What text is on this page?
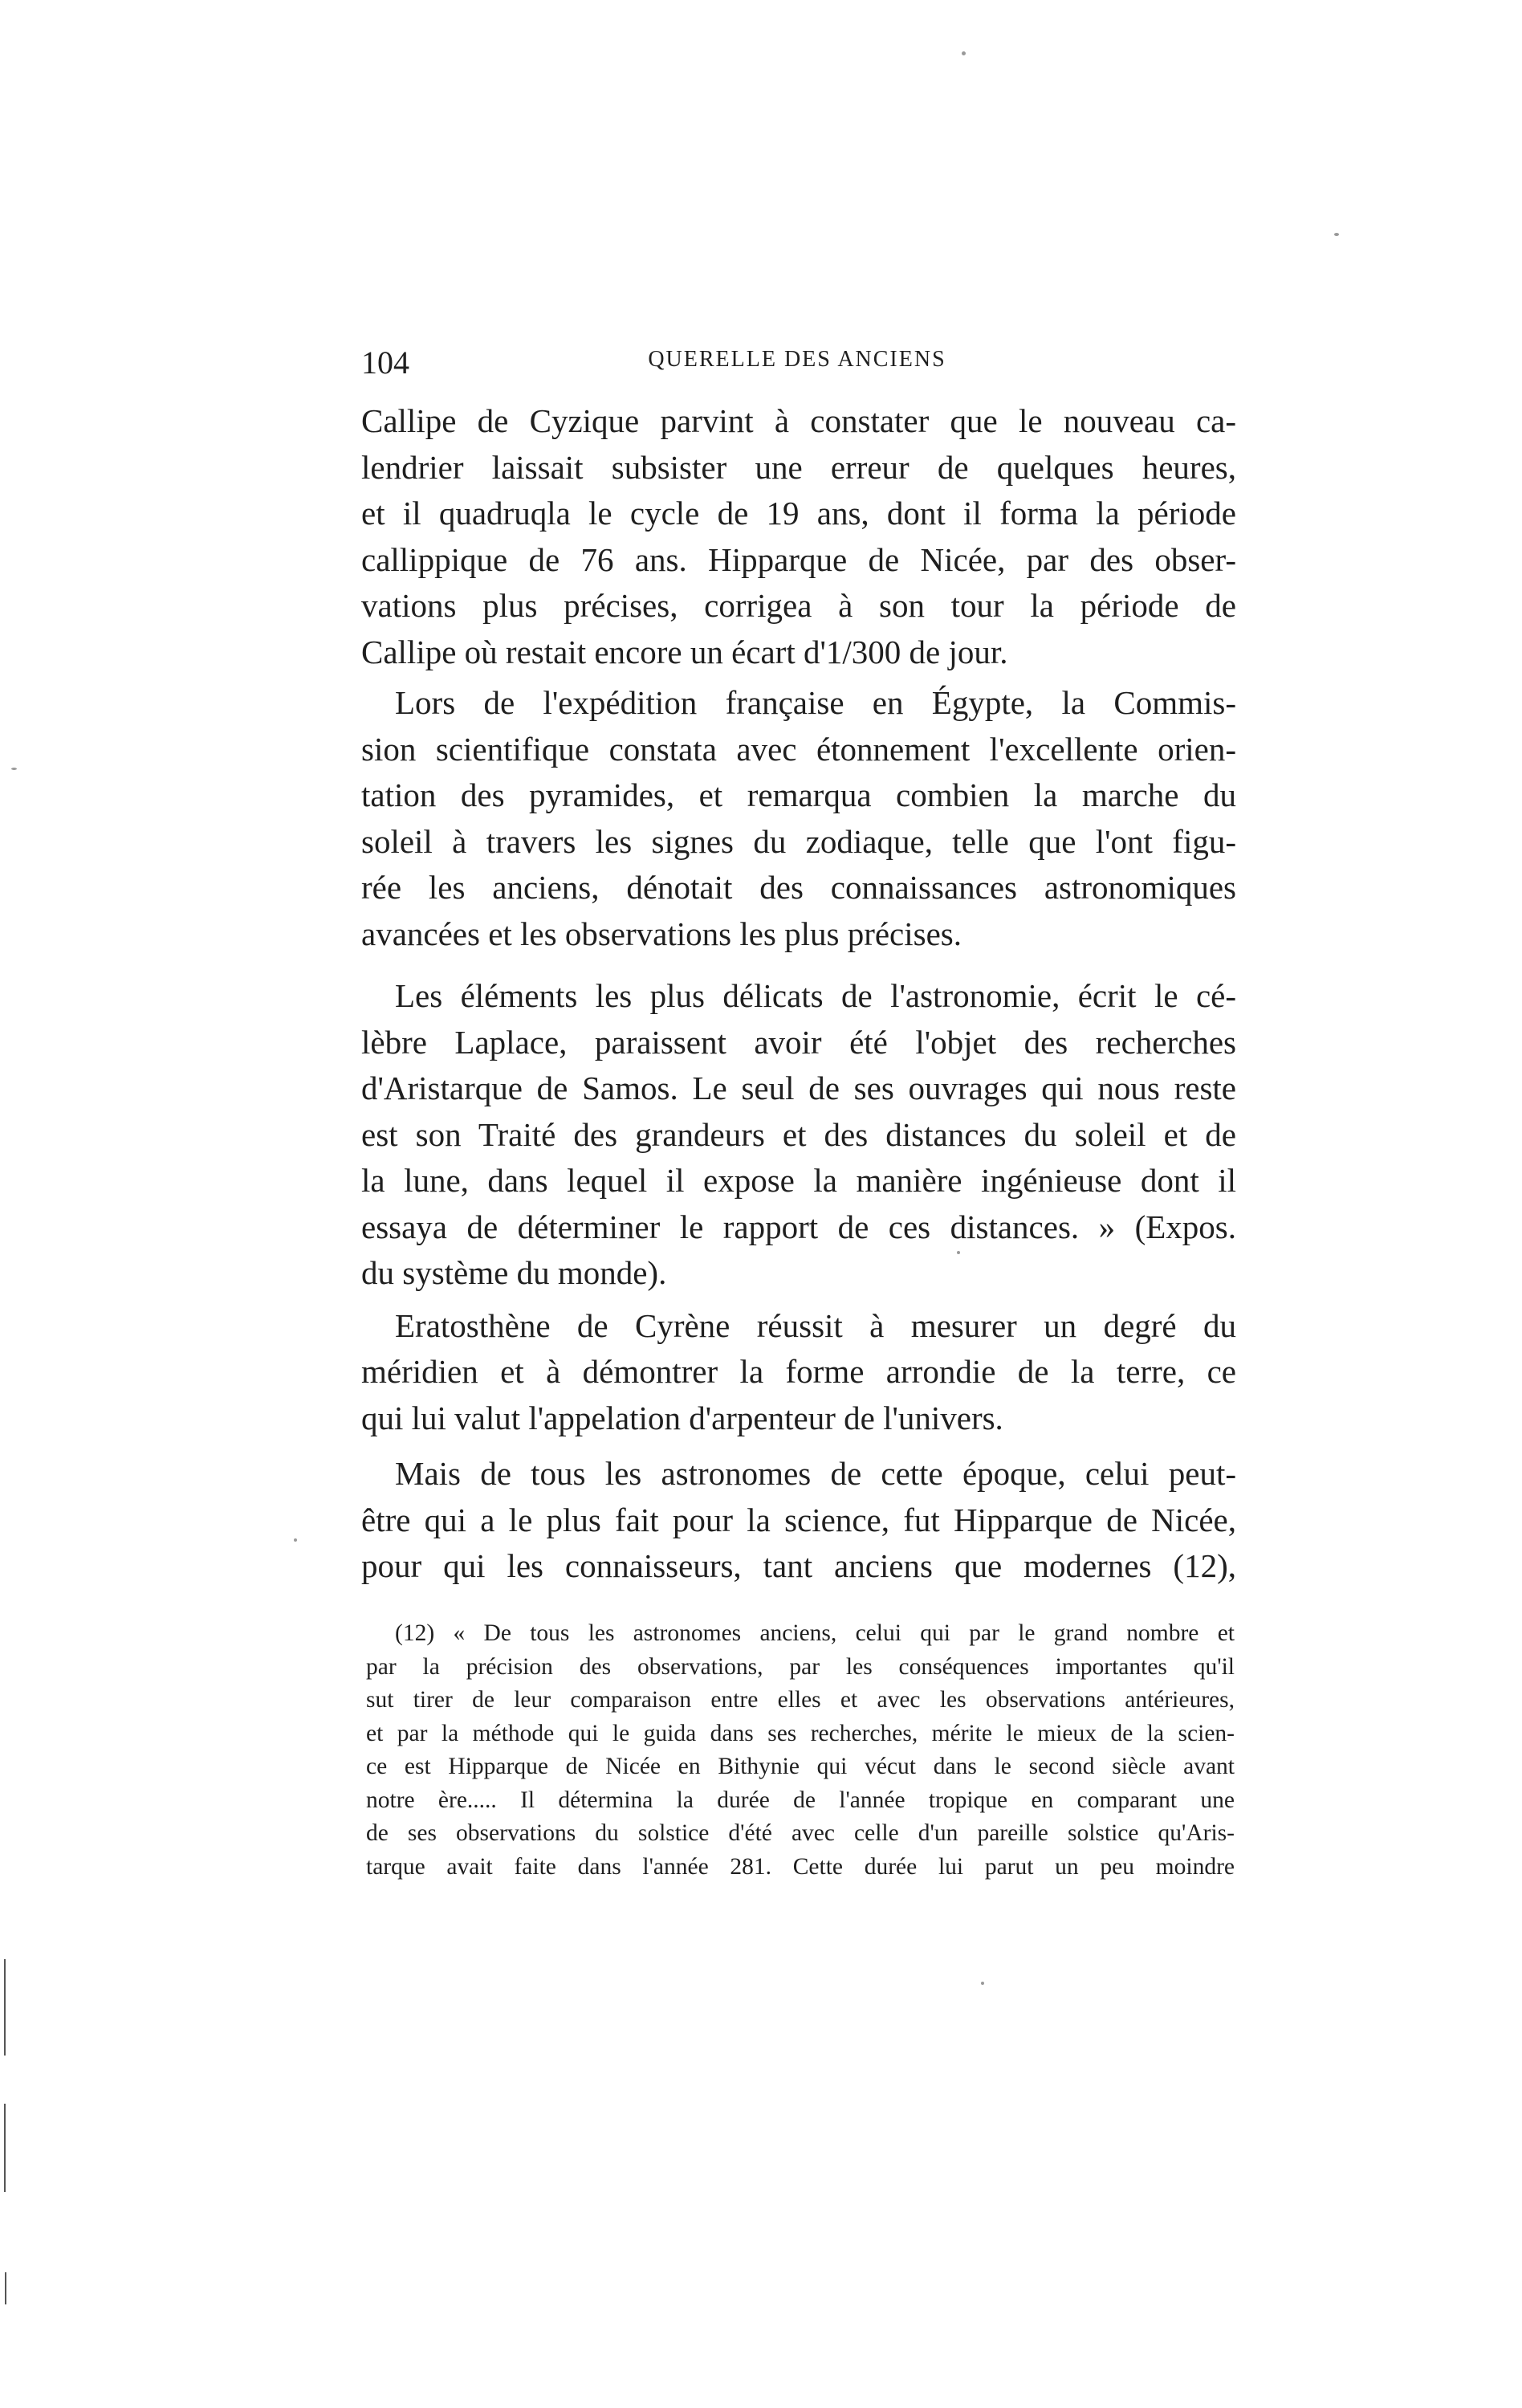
104	QUERELLE DES ANCIENS
Callipe de Cyzique parvint à constater que le nouveau ca-
lendrier laissait subsister une erreur de quelques heures,
et il quadruqla le cycle de 19 ans, dont il forma la période
callippique de 76 ans. Hipparque de Nicée, par des obser-
vations plus précises, corrigea à son tour la période de
Callipe où restait encore un écart d'1/300 de jour.
Lors de l'expédition française en Égypte, la Commis-
sion scientifique constata avec étonnement l'excellente orien-
tation des pyramides, et remarqua combien la marche du
soleil à travers les signes du zodiaque, telle que l'ont figu-
rée les anciens, dénotait des connaissances astronomiques
avancées et les observations les plus précises.
Les éléments les plus délicats de l'astronomie, écrit le cé-
lèbre Laplace, paraissent avoir été l'objet des recherches
d'Aristarque de Samos. Le seul de ses ouvrages qui nous reste
est son Traité des grandeurs et des distances du soleil et de
la lune, dans lequel il expose la manière ingénieuse dont il
essaya de déterminer le rapport de ces distances. » (Expos.
du système du monde).
Eratosthène de Cyrène réussit à mesurer un degré du
méridien et à démontrer la forme arrondie de la terre, ce
qui lui valut l'appelation d'arpenteur de l'univers.
Mais de tous les astronomes de cette époque, celui peut-
être qui a le plus fait pour la science, fut Hipparque de Nicée,
pour qui les connaisseurs, tant anciens que modernes (12),
(12) « De tous les astronomes anciens, celui qui par le grand nombre et
par la précision des observations, par les conséquences importantes qu'il
sut tirer de leur comparaison entre elles et avec les observations antérieures,
et par la méthode qui le guida dans ses recherches, mérite le mieux de la scien-
ce est Hipparque de Nicée en Bithynie qui vécut dans le second siècle avant
notre ère..... Il détermina la durée de l'année tropique en comparant une
de ses observations du solstice d'été avec celle d'un pareille solstice qu'Aris-
tarque avait faite dans l'année 281. Cette durée lui parut un peu moindre
